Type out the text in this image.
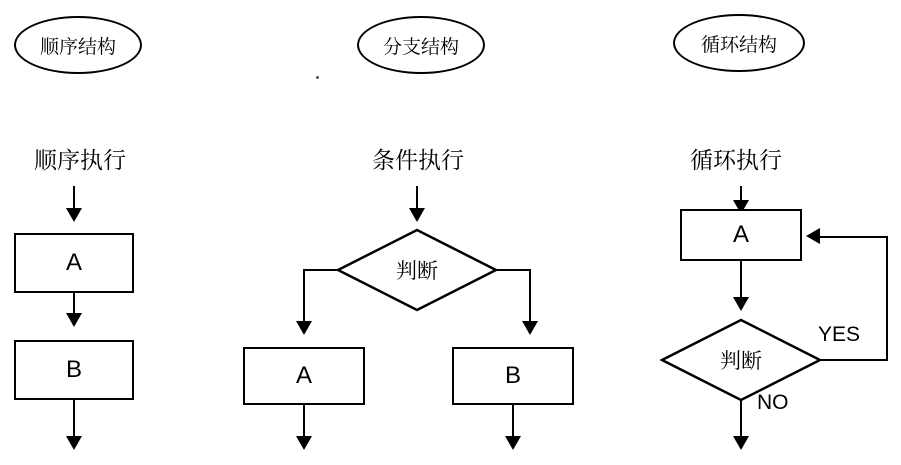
顺序结构	分支结构	循环结构
顺序执行	条件执行	循环执行
A
B
判断
A	B
A
判断
YES
NO
